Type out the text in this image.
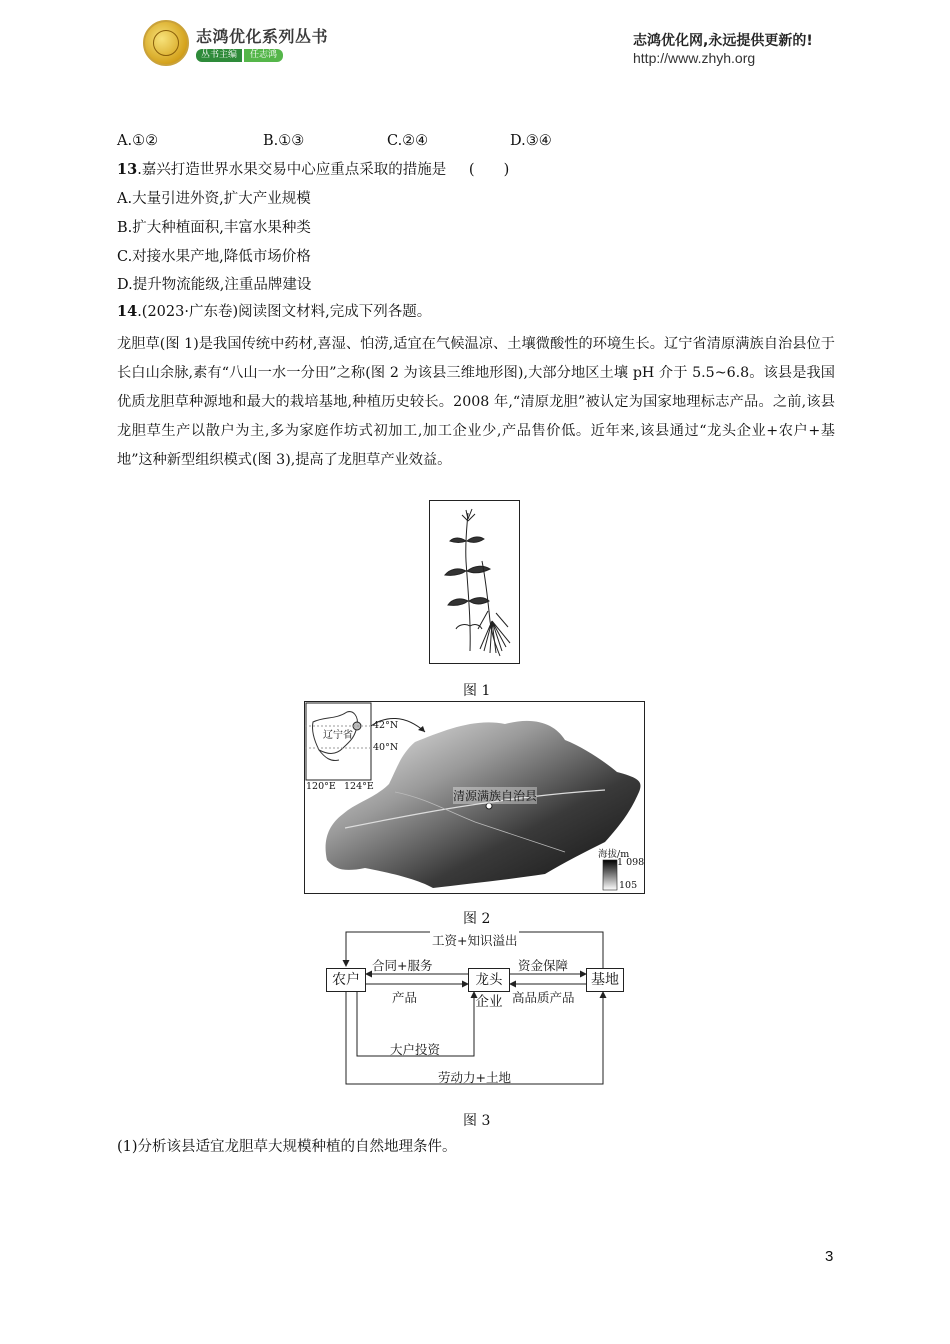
志鸿优化系列丛书
丛书主编	任志鸿
志鸿优化网,永远提供更新的!
http://www.zhyh.org
A.①②	B.①③	C.②④	D.③④
13.嘉兴打造世界水果交易中心应重点采取的措施是 (　　)
A.大量引进外资,扩大产业规模
B.扩大种植面积,丰富水果种类
C.对接水果产地,降低市场价格
D.提升物流能级,注重品牌建设
14.(2023·广东卷)阅读图文材料,完成下列各题。
龙胆草(图 1)是我国传统中药材,喜湿、怕涝,适宜在气候温凉、土壤微酸性的环境生长。辽宁省清原满族自治县位于长白山余脉,素有“八山一水一分田”之称(图 2 为该县三维地形图),大部分地区土壤 pH 介于 5.5~6.8。该县是我国优质龙胆草种源地和最大的栽培基地,种植历史较长。2008 年,“清原龙胆”被认定为国家地理标志产品。之前,该县龙胆草生产以散户为主,多为家庭作坊式初加工,加工企业少,产品售价低。近年来,该县通过“龙头企业+农户+基地”这种新型组织模式(图 3),提高了龙胆草产业效益。
图 1
辽宁省
42°N
40°N
120°E 124°E
清源满族自治县
海拔/m
1 098
105
图 2
农户	龙头企业
基地
工资+知识溢出
合同+服务
产品
资金保障
高品质产品
大户投资
劳动力+土地
图 3
(1)分析该县适宜龙胆草大规模种植的自然地理条件。
3
